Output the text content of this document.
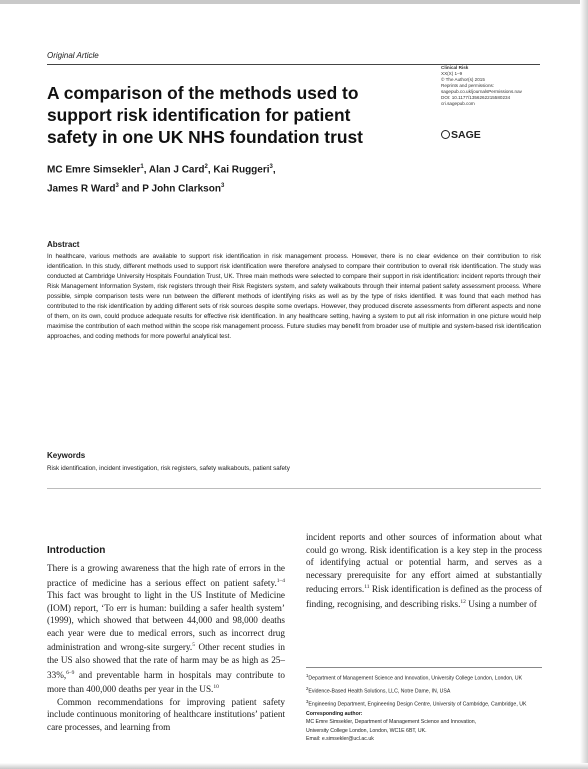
Original Article
Clinical Risk
XX(X) 1–9
© The Author(s) 2015
Reprints and permissions:
sagepub.co.uk/journalsPermissions.nav
DOI: 10.1177/1356262215580234
cri.sagepub.com
SAGE
A comparison of the methods used to support risk identification for patient safety in one UK NHS foundation trust
MC Emre Simsekler$^1$, Alan J Card$^2$, Kai Ruggeri$^3$,
James R Ward$^3$ and P John Clarkson$^3$
Abstract
In healthcare, various methods are available to support risk identification in risk management process. However, there is no clear evidence on their contribution to risk identification. In this study, different methods used to support risk identification were therefore analysed to compare their contribution to overall risk identification. The study was conducted at Cambridge University Hospitals Foundation Trust, UK. Three main methods were selected to compare their support in risk identification: incident reports through their Risk Management Information System, risk registers through their Risk Registers system, and safety walkabouts through their internal patient safety assessment process. Where possible, simple comparison tests were run between the different methods of identifying risks as well as by the type of risks identified. It was found that each method has contributed to the risk identification by adding different sets of risk sources despite some overlaps. However, they produced discrete assessments from different aspects and none of them, on its own, could produce adequate results for effective risk identification. In any healthcare setting, having a system to put all risk information in one picture would help maximise the contribution of each method within the scope risk management process. Future studies may benefit from broader use of multiple and system-based risk identification approaches, and coding methods for more powerful analytical test.
Keywords
Risk identification, incident investigation, risk registers, safety walkabouts, patient safety
Introduction

There is a growing awareness that the high rate of errors in the practice of medicine has a serious effect on patient safety.$^{1-4}$ This fact was brought to light in the US Institute of Medicine (IOM) report, ‘To err is human: building a safer health system’ (1999), which showed that between 44,000 and 98,000 deaths each year were due to medical errors, such as incorrect drug administration and wrong-site surgery.$^5$ Other recent studies in the US also showed that the rate of harm may be as high as 25–33%,$^{6-9}$ and preventable harm in hospitals may contribute to more than 400,000 deaths per year in the US.$^{10}$

Common recommendations for improving patient safety include continuous monitoring of healthcare institutions’ patient care processes, and learning from

incident reports and other sources of information about what could go wrong. Risk identification is a key step in the process of identifying actual or potential harm, and serves as a necessary prerequisite for any effort aimed at substantially reducing errors.$^{11}$ Risk identification is defined as the process of finding, recognising, and describing risks.$^{12}$ Using a number of

$^1$Department of Management Science and Innovation, University College London, London, UK

$^2$Evidence-Based Health Solutions, LLC, Notre Dame, IN, USA

$^3$Engineering Department, Engineering Design Centre, University of Cambridge, Cambridge, UK

Corresponding author:

MC Emre Simsekler, Department of Management Science and Innovation,

University College London, London, WC1E 6BT, UK.

Email: e.simsekler@ucl.ac.uk
